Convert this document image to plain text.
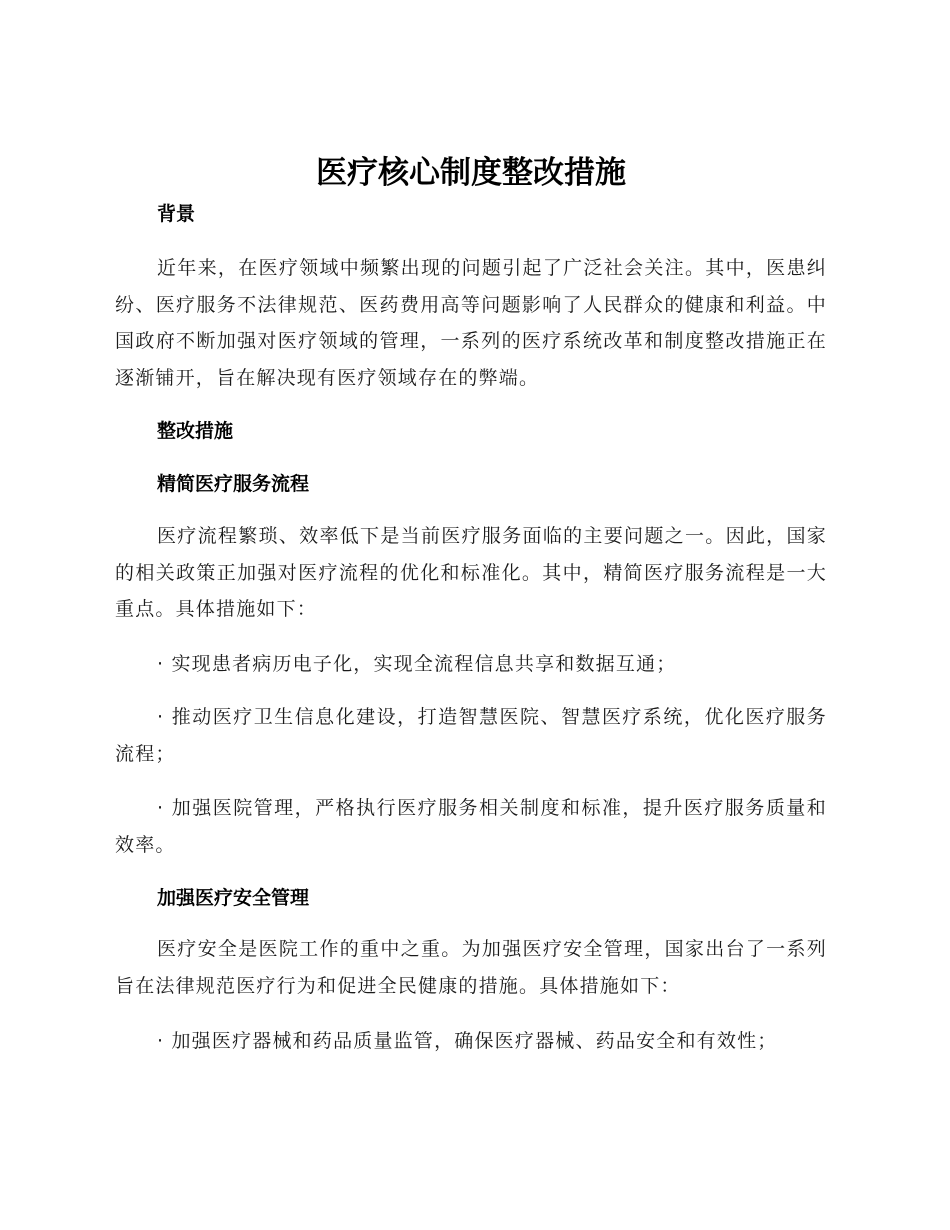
医疗核心制度整改措施
背景

近年来，在医疗领域中频繁出现的问题引起了广泛社会关注。其中，医患纠纷、医疗服务不法律规范、医药费用高等问题影响了人民群众的健康和利益。中国政府不断加强对医疗领域的管理，一系列的医疗系统改革和制度整改措施正在逐渐铺开，旨在解决现有医疗领域存在的弊端。

整改措施
精简医疗服务流程

医疗流程繁琐、效率低下是当前医疗服务面临的主要问题之一。因此，国家的相关政策正加强对医疗流程的优化和标准化。其中，精简医疗服务流程是一大重点。具体措施如下：

· 实现患者病历电子化，实现全流程信息共享和数据互通；

· 推动医疗卫生信息化建设，打造智慧医院、智慧医疗系统，优化医疗服务流程；

· 加强医院管理，严格执行医疗服务相关制度和标准，提升医疗服务质量和效率。

加强医疗安全管理

医疗安全是医院工作的重中之重。为加强医疗安全管理，国家出台了一系列旨在法律规范医疗行为和促进全民健康的措施。具体措施如下：

· 加强医疗器械和药品质量监管，确保医疗器械、药品安全和有效性；
